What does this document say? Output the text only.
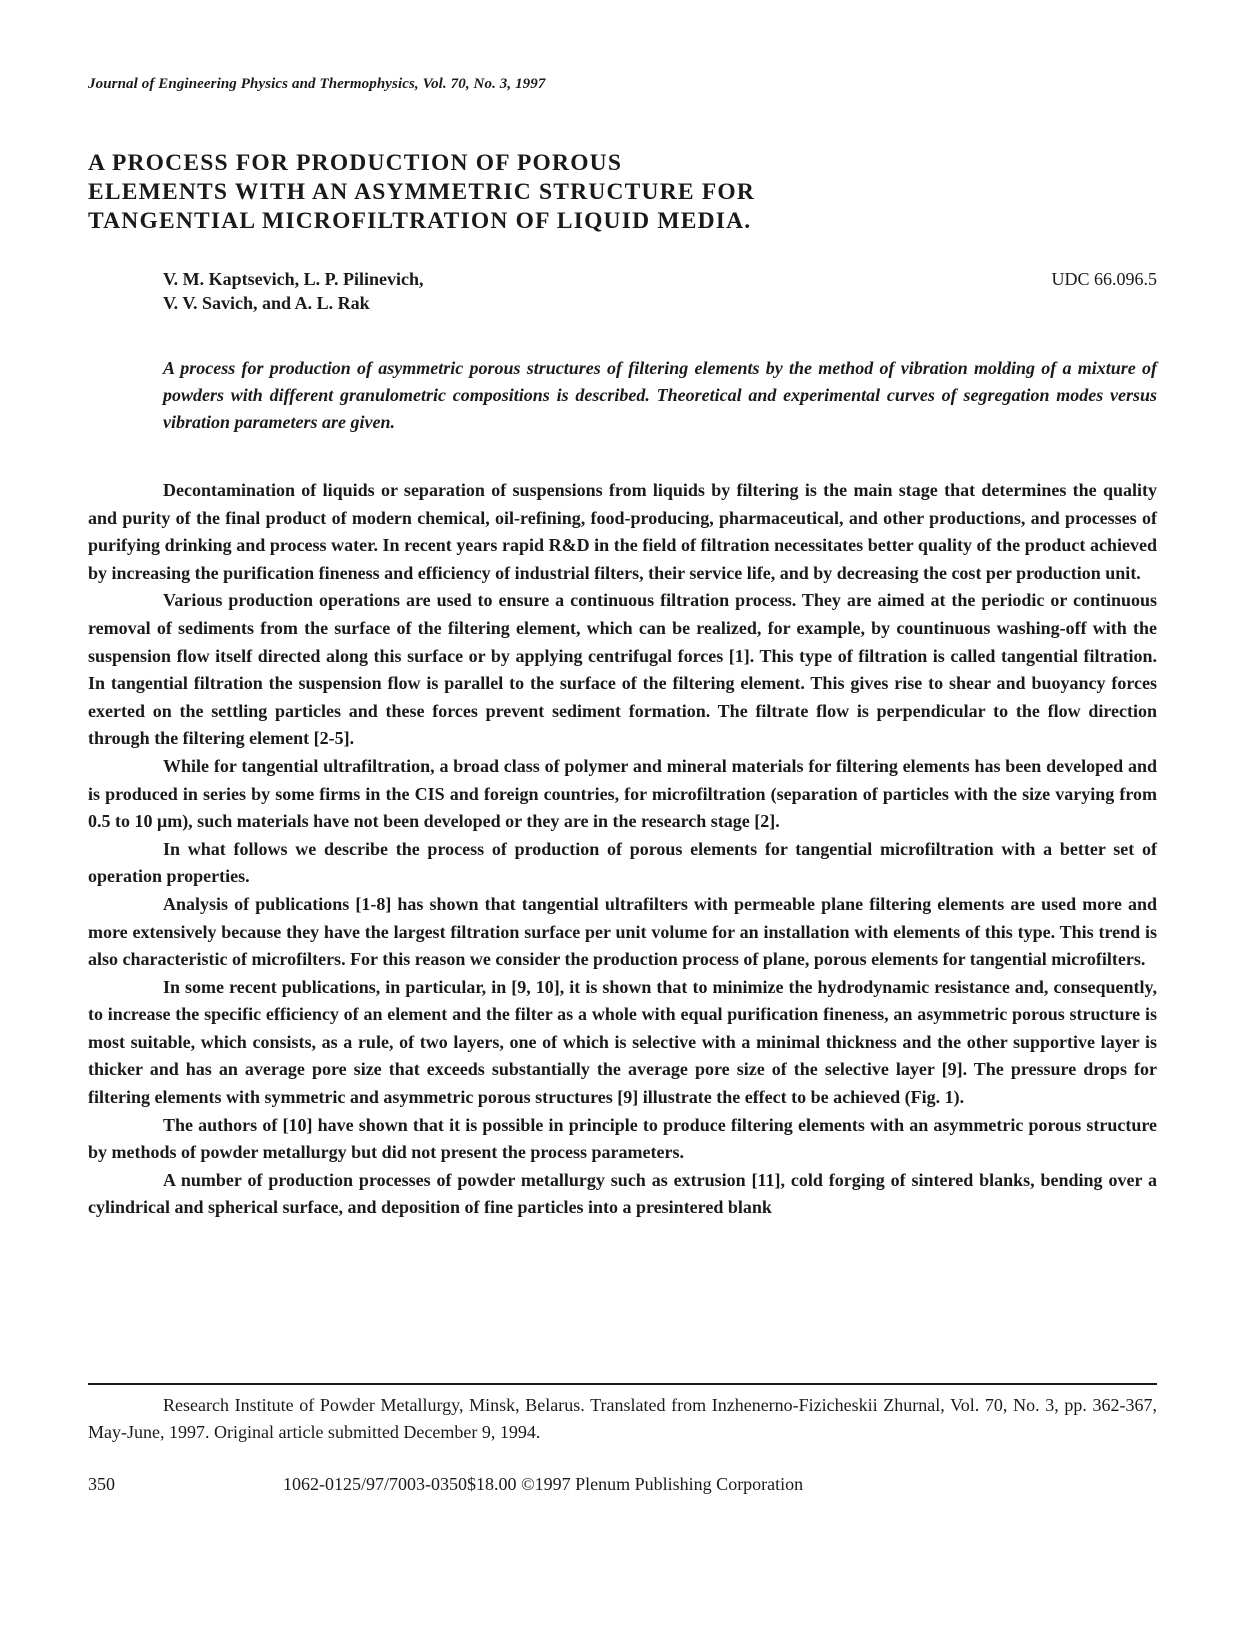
Journal of Engineering Physics and Thermophysics, Vol. 70, No. 3, 1997
A PROCESS FOR PRODUCTION OF POROUS
ELEMENTS WITH AN ASYMMETRIC STRUCTURE FOR
TANGENTIAL MICROFILTRATION OF LIQUID MEDIA.
V. M. Kaptsevich, L. P. Pilinevich,
V. V. Savich, and A. L. Rak
UDC 66.096.5
A process for production of asymmetric porous structures of filtering elements by the method of vibration molding of a mixture of powders with different granulometric compositions is described. Theoretical and experimental curves of segregation modes versus vibration parameters are given.

Decontamination of liquids or separation of suspensions from liquids by filtering is the main stage that determines the quality and purity of the final product of modern chemical, oil-refining, food-producing, pharmaceutical, and other productions, and processes of purifying drinking and process water. In recent years rapid R&D in the field of filtration necessitates better quality of the product achieved by increasing the purification fineness and efficiency of industrial filters, their service life, and by decreasing the cost per production unit.

Various production operations are used to ensure a continuous filtration process. They are aimed at the periodic or continuous removal of sediments from the surface of the filtering element, which can be realized, for example, by countinuous washing-off with the suspension flow itself directed along this surface or by applying centrifugal forces [1]. This type of filtration is called tangential filtration. In tangential filtration the suspension flow is parallel to the surface of the filtering element. This gives rise to shear and buoyancy forces exerted on the settling particles and these forces prevent sediment formation. The filtrate flow is perpendicular to the flow direction through the filtering element [2-5].

While for tangential ultrafiltration, a broad class of polymer and mineral materials for filtering elements has been developed and is produced in series by some firms in the CIS and foreign countries, for microfiltration (separation of particles with the size varying from 0.5 to 10 μm), such materials have not been developed or they are in the research stage [2].

In what follows we describe the process of production of porous elements for tangential microfiltration with a better set of operation properties.

Analysis of publications [1-8] has shown that tangential ultrafilters with permeable plane filtering elements are used more and more extensively because they have the largest filtration surface per unit volume for an installation with elements of this type. This trend is also characteristic of microfilters. For this reason we consider the production process of plane, porous elements for tangential microfilters.

In some recent publications, in particular, in [9, 10], it is shown that to minimize the hydrodynamic resistance and, consequently, to increase the specific efficiency of an element and the filter as a whole with equal purification fineness, an asymmetric porous structure is most suitable, which consists, as a rule, of two layers, one of which is selective with a minimal thickness and the other supportive layer is thicker and has an average pore size that exceeds substantially the average pore size of the selective layer [9]. The pressure drops for filtering elements with symmetric and asymmetric porous structures [9] illustrate the effect to be achieved (Fig. 1).

The authors of [10] have shown that it is possible in principle to produce filtering elements with an asymmetric porous structure by methods of powder metallurgy but did not present the process parameters.

A number of production processes of powder metallurgy such as extrusion [11], cold forging of sintered blanks, bending over a cylindrical and spherical surface, and deposition of fine particles into a presintered blank

Research Institute of Powder Metallurgy, Minsk, Belarus. Translated from Inzhenerno-Fizicheskii Zhurnal, Vol. 70, No. 3, pp. 362-367, May-June, 1997. Original article submitted December 9, 1994.

350	1062-0125/97/7003-0350$18.00 ©1997 Plenum Publishing Corporation
